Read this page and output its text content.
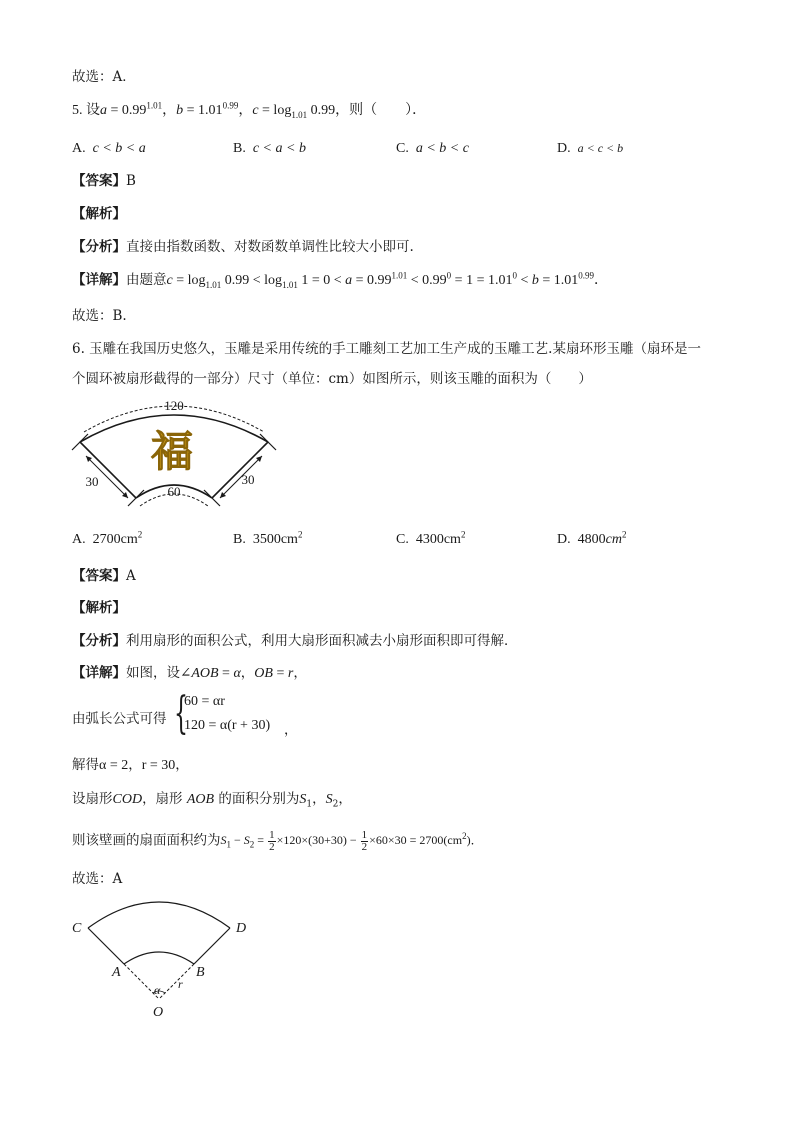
故选：A．
5. 设$a = 0.99^{1.01}$，$b = 1.01^{0.99}$，$c = \log_{1.01} 0.99$，则（　　）．
A. c < b < a	B. c < a < b	C. a < b < c	D. a < c < b
【答案】B
【解析】
【分析】直接由指数函数、对数函数单调性比较大小即可.
【详解】由题意$c = \log_{1.01} 0.99 < \log_{1.01} 1 = 0 < a = 0.99^{1.01} < 0.99^0 = 1 = 1.01^0 < b = 1.01^{0.99}$．
故选：B.
6. 玉雕在我国历史悠久，玉雕是采用传统的手工雕刻工艺加工生产成的玉雕工艺.某扇环形玉雕（扇环是一
个圆环被扇形截得的一部分）尺寸（单位：cm）如图所示，则该玉雕的面积为（　　）
120
60
30	30
福
A. $2700cm^2$	B. $3500cm^2$	C. $4300cm^2$	D. $4800cm^2$
【答案】A
【解析】
【分析】利用扇形的面积公式，利用大扇形面积减去小扇形面积即可得解．
【详解】如图，设∠AOB = α，OB = r，
由弧长公式可得 {
60 = αr
120 = α(r + 30) ，
解得α = 2，r = 30，
设扇形COD，扇形 AOB 的面积分别为$S_1$，$S_2$，
则该壁画的扇面面积约为$S_1 - S_2 = \frac{1}{2} \times 120\times(30+30) - \frac{1}{2} \times 60\times 30 = 2700(cm^2)$．
故选：A
C	D
A	B
α r
O
